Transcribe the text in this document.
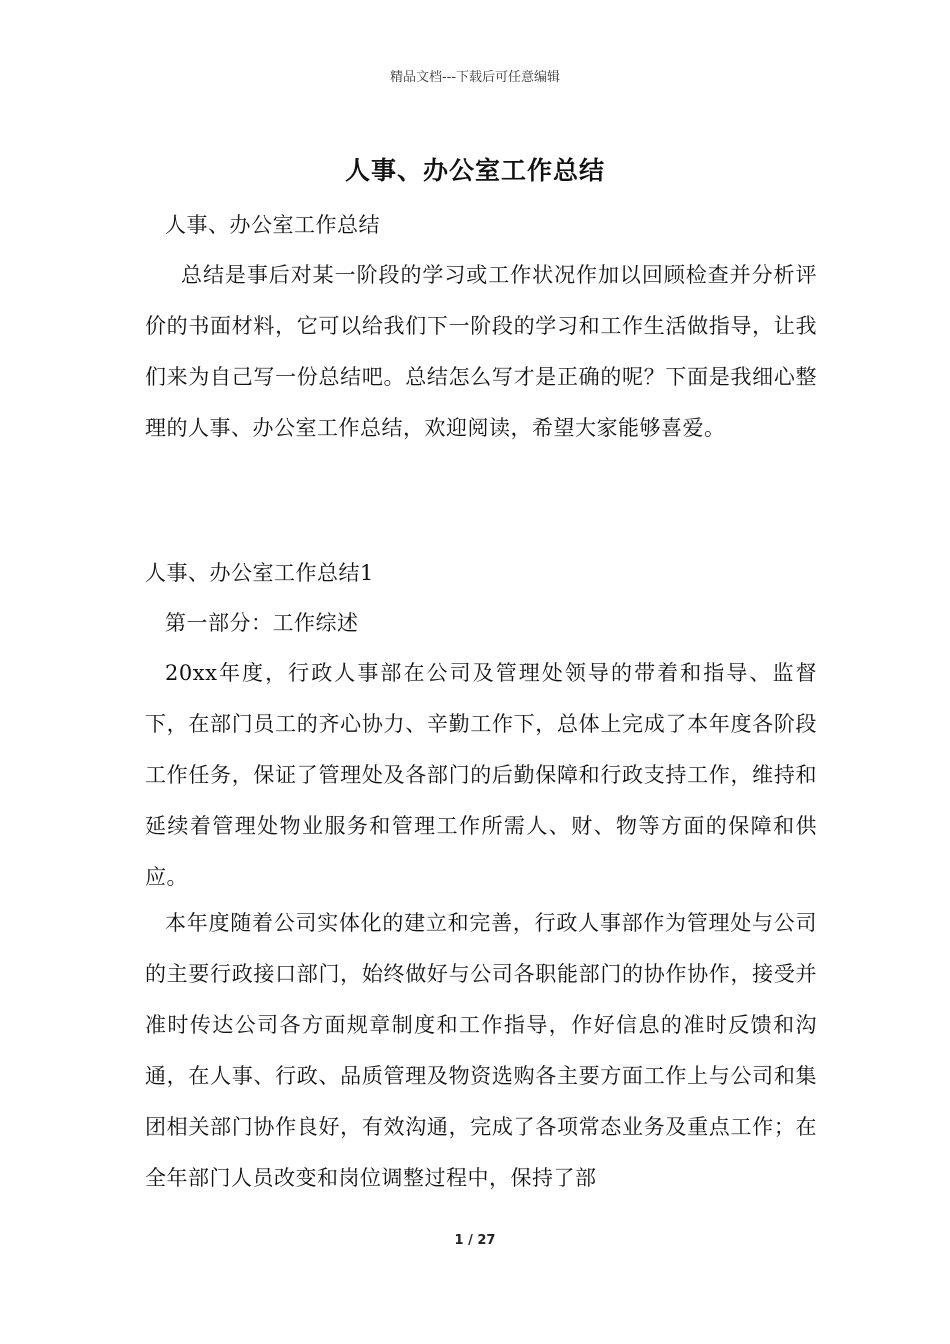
精品文档---下载后可任意编辑
人事、办公室工作总结

人事、办公室工作总结

总结是事后对某一阶段的学习或工作状况作加以回顾检查并分析评价的书面材料，它可以给我们下一阶段的学习和工作生活做指导，让我们来为自己写一份总结吧。总结怎么写才是正确的呢？下面是我细心整理的人事、办公室工作总结，欢迎阅读，希望大家能够喜爱。

人事、办公室工作总结1

第一部分：工作综述

20xx年度，行政人事部在公司及管理处领导的带着和指导、监督下，在部门员工的齐心协力、辛勤工作下，总体上完成了本年度各阶段工作任务，保证了管理处及各部门的后勤保障和行政支持工作，维持和延续着管理处物业服务和管理工作所需人、财、物等方面的保障和供应。

本年度随着公司实体化的建立和完善，行政人事部作为管理处与公司的主要行政接口部门，始终做好与公司各职能部门的协作协作，接受并准时传达公司各方面规章制度和工作指导，作好信息的准时反馈和沟通，在人事、行政、品质管理及物资选购各主要方面工作上与公司和集团相关部门协作良好，有效沟通，完成了各项常态业务及重点工作；在全年部门人员改变和岗位调整过程中，保持了部

1 / 27
